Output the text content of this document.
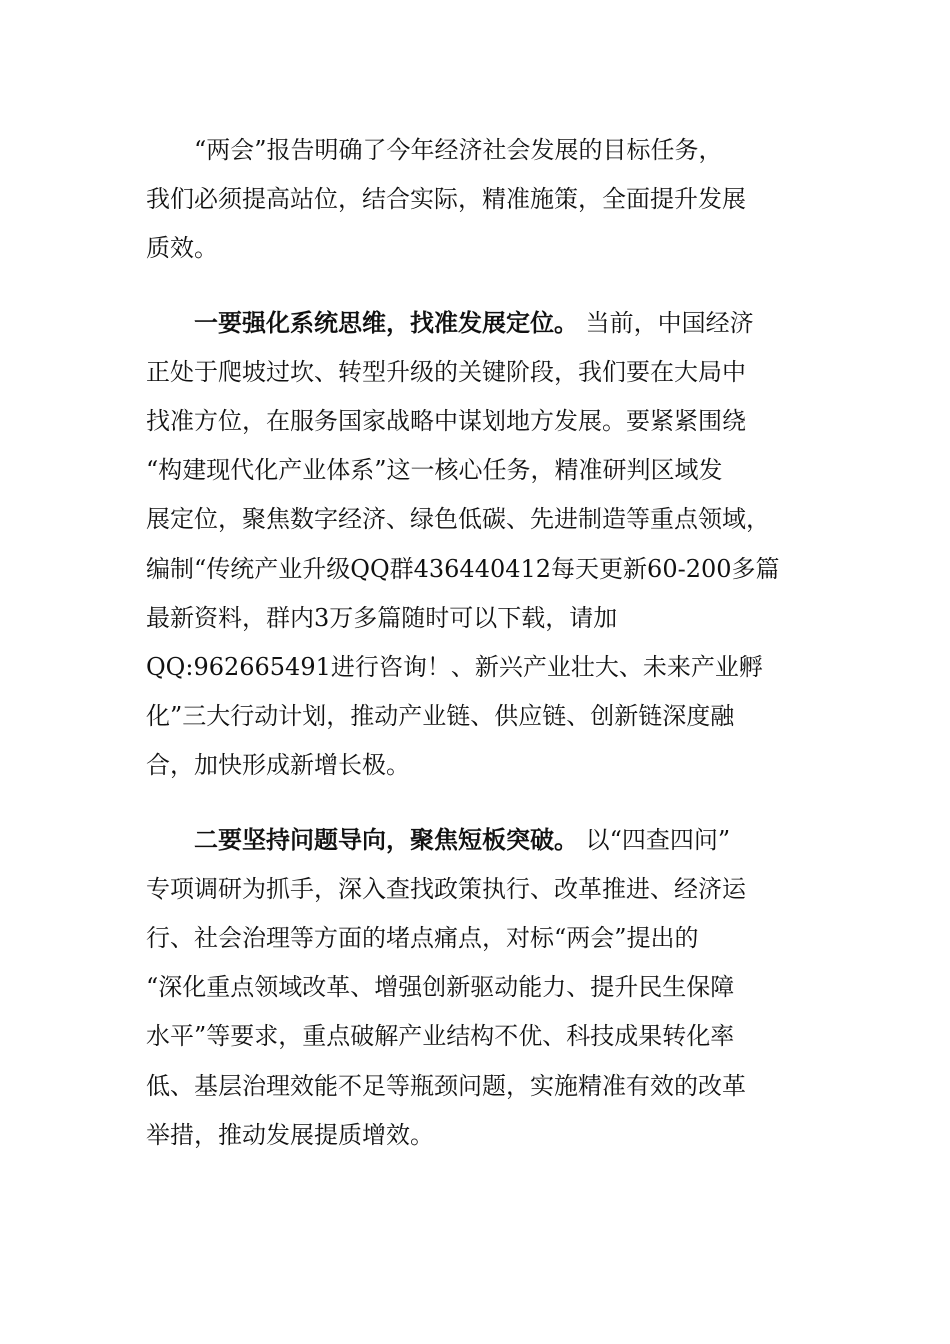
“两会”报告明确了今年经济社会发展的目标任务，
我们必须提高站位，结合实际，精准施策，全面提升发展
质效。
一要强化系统思维，找准发展定位。 当前，中国经济
正处于爬坡过坎、转型升级的关键阶段，我们要在大局中
找准方位，在服务国家战略中谋划地方发展。要紧紧围绕
“构建现代化产业体系”这一核心任务，精准研判区域发
展定位，聚焦数字经济、绿色低碳、先进制造等重点领域，
编制“传统产业升级QQ群436440412每天更新60-200多篇
最新资料，群内3万多篇随时可以下载，请加
QQ:962665491进行咨询！、新兴产业壮大、未来产业孵
化”三大行动计划，推动产业链、供应链、创新链深度融
合，加快形成新增长极。
二要坚持问题导向，聚焦短板突破。 以“四查四问”
专项调研为抓手，深入查找政策执行、改革推进、经济运
行、社会治理等方面的堵点痛点，对标“两会”提出的
“深化重点领域改革、增强创新驱动能力、提升民生保障
水平”等要求，重点破解产业结构不优、科技成果转化率
低、基层治理效能不足等瓶颈问题，实施精准有效的改革
举措，推动发展提质增效。
